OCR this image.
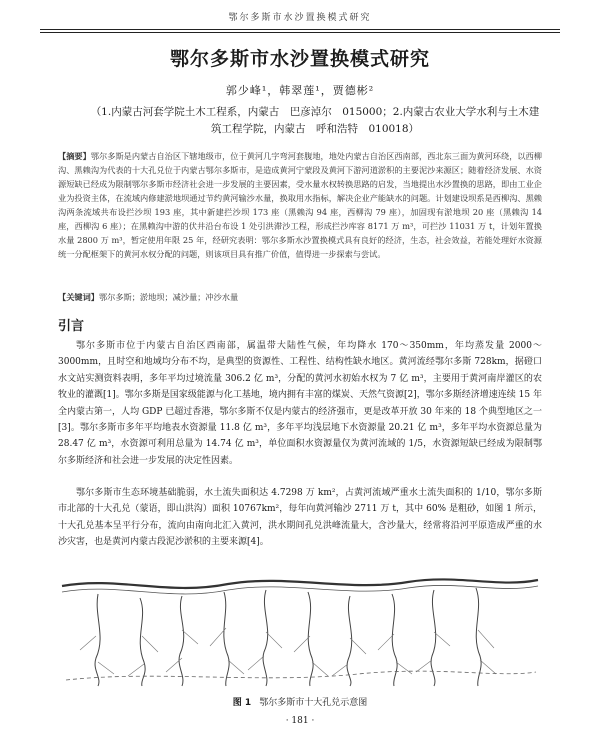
鄂尔多斯市水沙置换模式研究
鄂尔多斯市水沙置换模式研究
郭少峰¹，韩翠莲¹，贾德彬²
（1.内蒙古河套学院土木工程系，内蒙古　巴彦淖尔　015000；2.内蒙古农业大学水利与土木建筑工程学院，内蒙古　呼和浩特　010018）
【摘要】鄂尔多斯是内蒙古自治区下辖地级市，位于黄河几字弯河套腹地，地处内蒙古自治区西南部，西北东三面为黄河环绕，以西柳沟、黑赖沟为代表的十大孔兑位于内蒙古鄂尔多斯市，是造成黄河宁蒙段及黄河下游河道淤积的主要泥沙来源区；随着经济发展、水资源短缺已经成为限制鄂尔多斯市经济社会进一步发展的主要因素，受水量水权转换思路的启发，当地提出水沙置换的思路，即由工业企业为投资主体，在流域内修建淤地坝通过节约黄河输沙水量，换取用水指标，解决企业产能缺水的问题。计划建设坝系是西柳沟、黑赖沟两条流域共布设拦沙坝 193 座，其中新建拦沙坝 173 座（黑赖沟 94 座，西柳沟 79 座），加固现有淤地坝 20 座（黑赖沟 14 座，西柳沟 6 座）；在黑赖沟中游的伏井沿台布设 1 处引洪滞沙工程，形成拦沙库容 8171 万 m³，可拦沙 11031 万 t，计划年置换水量 2800 万 m³，暂定使用年限 25 年，经研究表明：鄂尔多斯水沙置换模式具有良好的经济，生态，社会效益，若能处理好水资源统一分配框架下的黄河水权分配的问题，则该项目具有推广价值，值得进一步探索与尝试。
【关键词】鄂尔多斯；淤地坝；减沙量；冲沙水量
引言
鄂尔多斯市位于内蒙古自治区西南部，属温带大陆性气候，年均降水 170～350mm，年均蒸发量 2000～3000mm，且时空和地域均分布不均，是典型的资源性、工程性、结构性缺水地区。黄河流经鄂尔多斯 728km，据磴口水文站实测资料表明，多年平均过境流量 306.2 亿 m³，分配的黄河水初始水权为 7 亿 m³，主要用于黄河南岸灌区的农牧业的灌溉[1]。鄂尔多斯是国家级能源与化工基地，境内拥有丰富的煤炭、天然气资源[2]，鄂尔多斯经济增速连续 15 年全内蒙古第一，人均 GDP 已超过香港，鄂尔多斯不仅是内蒙古的经济强市，更是改革开放 30 年来的 18 个典型地区之一[3]。鄂尔多斯市多年平均地表水资源量 11.8 亿 m³，多年平均浅层地下水资源量 20.21 亿 m³，多年平均水资源总量为 28.47 亿 m³，水资源可利用总量为 14.74 亿 m³，单位面积水资源量仅为黄河流域的 1/5，水资源短缺已经成为限制鄂尔多斯经济和社会进一步发展的决定性因素。
鄂尔多斯市生态环境基础脆弱，水土流失面积达 4.7298 万 km²，占黄河流域严重水土流失面积的 1/10，鄂尔多斯市北部的十大孔兑（蒙语，即山洪沟）面积 10767km²，每年向黄河输沙 2711 万 t，其中 60% 是粗砂，如图 1 所示，十大孔兑基本呈平行分布，流向由南向北汇入黄河，洪水期间孔兑洪峰流量大，含沙量大，经常将沿河平原造成严重的水沙灾害，也是黄河内蒙古段泥沙淤积的主要来源[4]。
图 1 鄂尔多斯市十大孔兑示意图
· 181 ·
